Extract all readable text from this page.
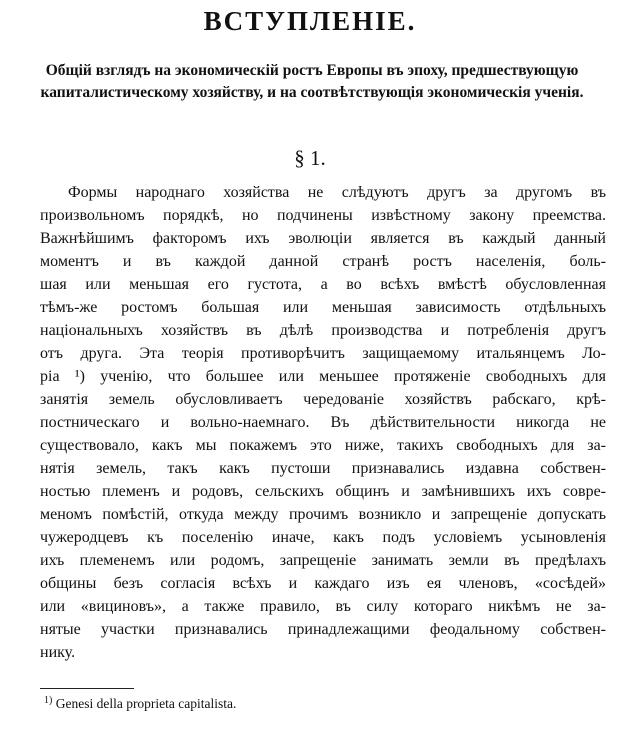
ВСТУПЛЕНІЕ.
Общій взглядъ на экономическій ростъ Европы въ эпоху, предшествующую капиталистическому хозяйству, и на соотвѣтствующія экономическія ученія.
§ 1.
Формы народнаго хозяйства не слѣдуютъ другъ за другомъ въ
произвольномъ порядкѣ, но подчинены извѣстному закону преемства.
Важнѣйшимъ факторомъ ихъ эволюціи является въ каждый данный
моментъ и въ каждой данной странѣ ростъ населенія, боль-
шая или меньшая его густота, а во всѣхъ вмѣстѣ обусловленная
тѣмъ-же ростомъ большая или меньшая зависимость отдѣльныхъ
національныхъ хозяйствъ въ дѣлѣ производства и потребленія другъ
отъ друга. Эта теорія противорѣчитъ защищаемому итальянцемъ Ло-
ріа ¹) ученію, что большее или меньшее протяженіе свободныхъ для
занятія земель обусловливаетъ чередованіе хозяйствъ рабскаго, крѣ-
постническаго и вольно-наемнаго. Въ дѣйствительности никогда не
существовало, какъ мы покажемъ это ниже, такихъ свободныхъ для за-
нятія земель, такъ какъ пустоши признавались издавна собствен-
ностью племенъ и родовъ, сельскихъ общинъ и замѣнившихъ ихъ совре-
меномъ помѣстій, откуда между прочимъ возникло и запрещеніе допускать
чужеродцевъ къ поселенію иначе, какъ подъ условіемъ усыновленія
ихъ племенемъ или родомъ, запрещеніе занимать земли въ предѣлахъ
общины безъ согласія всѣхъ и каждаго изъ ея членовъ, «сосѣдей»
или «вициновъ», а также правило, въ силу котораго никѣмъ не за-
нятые участки признавались принадлежащими феодальному собствен-
нику.
$^{1)}$ Genesi della proprieta capitalista.
